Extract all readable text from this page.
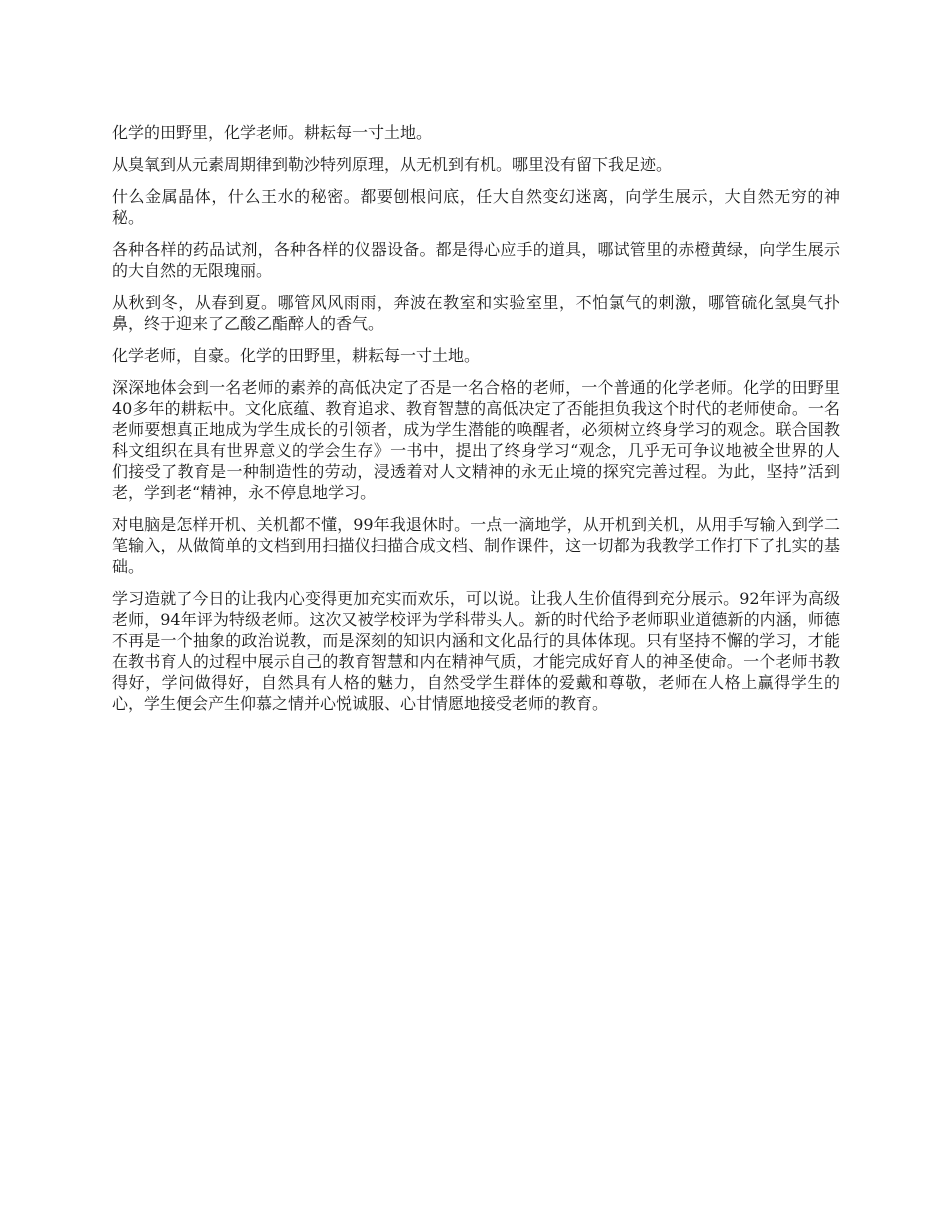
化学的田野里，化学老师。耕耘每一寸土地。

从臭氧到从元素周期律到勒沙特列原理，从无机到有机。哪里没有留下我足迹。

什么金属晶体，什么王水的秘密。都要刨根问底，任大自然变幻迷离，向学生展示，大自然无穷的神秘。

各种各样的药品试剂，各种各样的仪器设备。都是得心应手的道具，哪试管里的赤橙黄绿，向学生展示的大自然的无限瑰丽。

从秋到冬，从春到夏。哪管风风雨雨，奔波在教室和实验室里，不怕氯气的刺激，哪管硫化氢臭气扑鼻，终于迎来了乙酸乙酯醉人的香气。

化学老师，自豪。化学的田野里，耕耘每一寸土地。

深深地体会到一名老师的素养的高低决定了否是一名合格的老师，一个普通的化学老师。化学的田野里40多年的耕耘中。文化底蕴、教育追求、教育智慧的高低决定了否能担负我这个时代的老师使命。一名老师要想真正地成为学生成长的引领者，成为学生潜能的唤醒者，必须树立终身学习的观念。联合国教科文组织在具有世界意义的学会生存》一书中，提出了终身学习“观念，几乎无可争议地被全世界的人们接受了教育是一种制造性的劳动，浸透着对人文精神的永无止境的探究完善过程。为此，坚持”活到老，学到老“精神，永不停息地学习。

对电脑是怎样开机、关机都不懂，99年我退休时。一点一滴地学，从开机到关机，从用手写输入到学二笔输入，从做简单的文档到用扫描仪扫描合成文档、制作课件，这一切都为我教学工作打下了扎实的基础。

学习造就了今日的让我内心变得更加充实而欢乐，可以说。让我人生价值得到充分展示。92年评为高级老师，94年评为特级老师。这次又被学校评为学科带头人。新的时代给予老师职业道德新的内涵，师德不再是一个抽象的政治说教，而是深刻的知识内涵和文化品行的具体体现。只有坚持不懈的学习，才能在教书育人的过程中展示自己的教育智慧和内在精神气质，才能完成好育人的神圣使命。一个老师书教得好，学问做得好，自然具有人格的魅力，自然受学生群体的爱戴和尊敬，老师在人格上赢得学生的心，学生便会产生仰慕之情并心悦诚服、心甘情愿地接受老师的教育。
